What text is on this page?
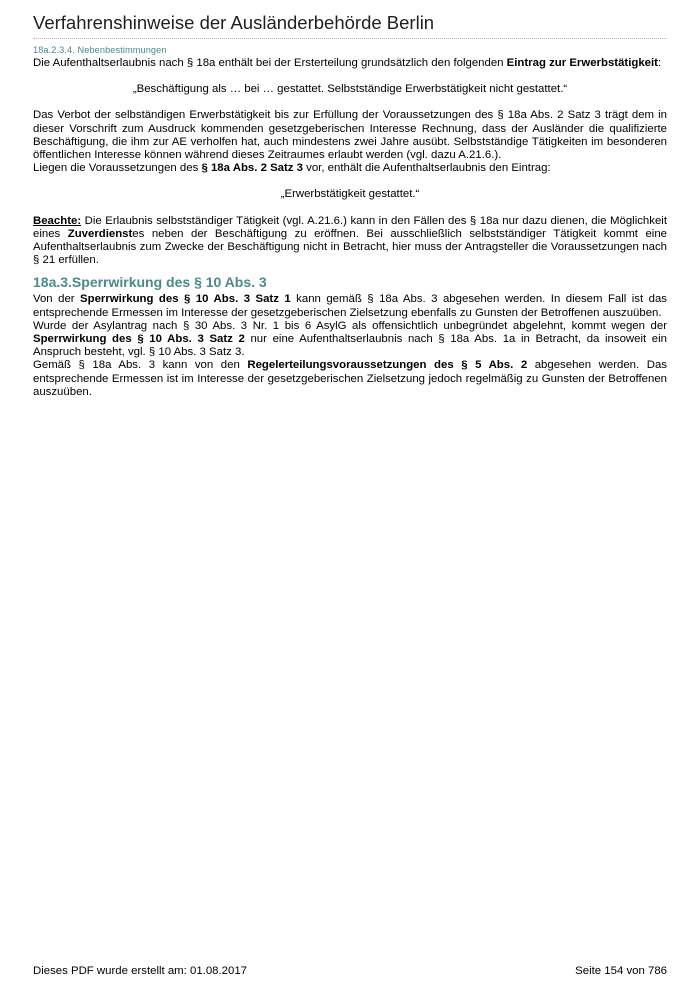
Verfahrenshinweise der Ausländerbehörde Berlin
18a.2.3.4. Nebenbestimmungen

Die Aufenthaltserlaubnis nach § 18a enthält bei der Ersterteilung grundsätzlich den folgenden Eintrag zur Erwerbstätigkeit:

„Beschäftigung als … bei … gestattet. Selbstständige Erwerbstätigkeit nicht gestattet.“

Das Verbot der selbständigen Erwerbstätigkeit bis zur Erfüllung der Voraussetzungen des § 18a Abs. 2 Satz 3 trägt dem in dieser Vorschrift zum Ausdruck kommenden gesetzgeberischen Interesse Rechnung, dass der Ausländer die qualifizierte Beschäftigung, die ihm zur AE verholfen hat, auch mindestens zwei Jahre ausübt. Selbstständige Tätigkeiten im besonderen öffentlichen Interesse können während dieses Zeitraumes erlaubt werden (vgl. dazu A.21.6.).

Liegen die Voraussetzungen des § 18a Abs. 2 Satz 3 vor, enthält die Aufenthaltserlaubnis den Eintrag:

„Erwerbstätigkeit gestattet.“

Beachte: Die Erlaubnis selbstständiger Tätigkeit (vgl. A.21.6.) kann in den Fällen des § 18a nur dazu dienen, die Möglichkeit eines Zuverdienstes neben der Beschäftigung zu eröffnen. Bei ausschließlich selbstständiger Tätigkeit kommt eine Aufenthaltserlaubnis zum Zwecke der Beschäftigung nicht in Betracht, hier muss der Antragsteller die Voraussetzungen nach § 21 erfüllen.

18a.3.Sperrwirkung des § 10 Abs. 3

Von der Sperrwirkung des § 10 Abs. 3 Satz 1 kann gemäß § 18a Abs. 3 abgesehen werden. In diesem Fall ist das entsprechende Ermessen im Interesse der gesetzgeberischen Zielsetzung ebenfalls zu Gunsten der Betroffenen auszuüben.

Wurde der Asylantrag nach § 30 Abs. 3 Nr. 1 bis 6 AsylG als offensichtlich unbegründet abgelehnt, kommt wegen der Sperrwirkung des § 10 Abs. 3 Satz 2 nur eine Aufenthaltserlaubnis nach § 18a Abs. 1a in Betracht, da insoweit ein Anspruch besteht, vgl. § 10 Abs. 3 Satz 3.

Gemäß § 18a Abs. 3 kann von den Regelerteilungsvoraussetzungen des § 5 Abs. 2 abgesehen werden. Das entsprechende Ermessen ist im Interesse der gesetzgeberischen Zielsetzung jedoch regelmäßig zu Gunsten der Betroffenen auszuüben.

Dieses PDF wurde erstellt am: 01.08.2017	Seite 154 von 786
